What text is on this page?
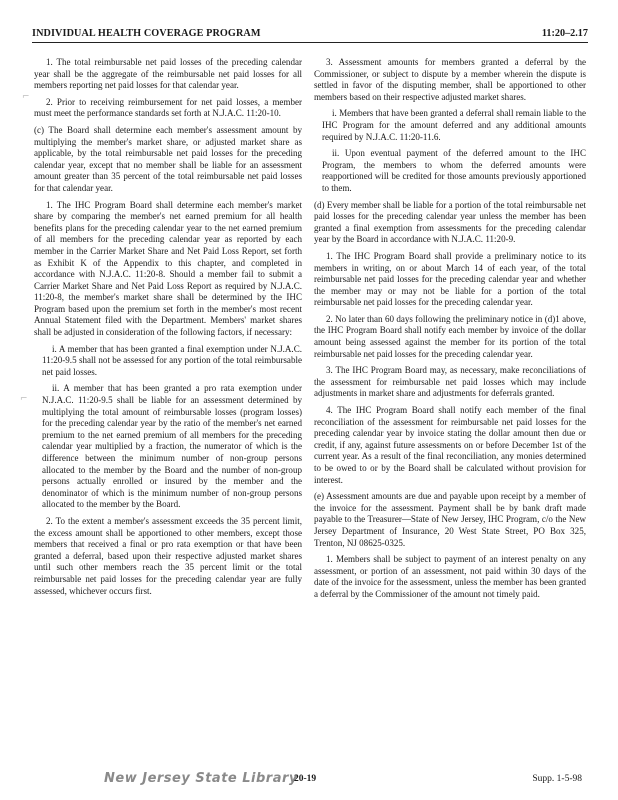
INDIVIDUAL HEALTH COVERAGE PROGRAM	11:20–2.17
⌐
⌐

1. The total reimbursable net paid losses of the preceding calendar year shall be the aggregate of the reimbursable net paid losses for all members reporting net paid losses for that calendar year.

2. Prior to receiving reimbursement for net paid losses, a member must meet the performance standards set forth at N.J.A.C. 11:20-10.

(c) The Board shall determine each member's assessment amount by multiplying the member's market share, or adjusted market share as applicable, by the total reimbursable net paid losses for the preceding calendar year, except that no member shall be liable for an assessment amount greater than 35 percent of the total reimbursable net paid losses for that calendar year.

1. The IHC Program Board shall determine each member's market share by comparing the member's net earned premium for all health benefits plans for the preceding calendar year to the net earned premium of all members for the preceding calendar year as reported by each member in the Carrier Market Share and Net Paid Loss Report, set forth as Exhibit K of the Appendix to this chapter, and completed in accordance with N.J.A.C. 11:20-8. Should a member fail to submit a Carrier Market Share and Net Paid Loss Report as required by N.J.A.C. 11:20-8, the member's market share shall be determined by the IHC Program based upon the premium set forth in the member's most recent Annual Statement filed with the Department. Members' market shares shall be adjusted in consideration of the following factors, if necessary:

i. A member that has been granted a final exemption under N.J.A.C. 11:20-9.5 shall not be assessed for any portion of the total reimbursable net paid losses.

ii. A member that has been granted a pro rata exemption under N.J.A.C. 11:20-9.5 shall be liable for an assessment determined by multiplying the total amount of reimbursable losses (program losses) for the preceding calendar year by the ratio of the member's net earned premium to the net earned premium of all members for the preceding calendar year multiplied by a fraction, the numerator of which is the difference between the minimum number of non-group persons allocated to the member by the Board and the number of non-group persons actually enrolled or insured by the member and the denominator of which is the minimum number of non-group persons allocated to the member by the Board.

2. To the extent a member's assessment exceeds the 35 percent limit, the excess amount shall be apportioned to other members, except those members that received a final or pro rata exemption or that have been granted a deferral, based upon their respective adjusted market shares until such other members reach the 35 percent limit or the total reimbursable net paid losses for the preceding calendar year are fully assessed, whichever occurs first.

3. Assessment amounts for members granted a deferral by the Commissioner, or subject to dispute by a member wherein the dispute is settled in favor of the disputing member, shall be apportioned to other members based on their respective adjusted market shares.

i. Members that have been granted a deferral shall remain liable to the IHC Program for the amount deferred and any additional amounts required by N.J.A.C. 11:20-11.6.

ii. Upon eventual payment of the deferred amount to the IHC Program, the members to whom the deferred amounts were reapportioned will be credited for those amounts previously apportioned to them.

(d) Every member shall be liable for a portion of the total reimbursable net paid losses for the preceding calendar year unless the member has been granted a final exemption from assessments for the preceding calendar year by the Board in accordance with N.J.A.C. 11:20-9.

1. The IHC Program Board shall provide a preliminary notice to its members in writing, on or about March 14 of each year, of the total reimbursable net paid losses for the preceding calendar year and whether the member may or may not be liable for a portion of the total reimbursable net paid losses for the preceding calendar year.

2. No later than 60 days following the preliminary notice in (d)1 above, the IHC Program Board shall notify each member by invoice of the dollar amount being assessed against the member for its portion of the total reimbursable net paid losses for the preceding calendar year.

3. The IHC Program Board may, as necessary, make reconciliations of the assessment for reimbursable net paid losses which may include adjustments in market share and adjustments for deferrals granted.

4. The IHC Program Board shall notify each member of the final reconciliation of the assessment for reimbursable net paid losses for the preceding calendar year by invoice stating the dollar amount then due or credit, if any, against future assessments on or before December 1st of the current year. As a result of the final reconciliation, any monies determined to be owed to or by the Board shall be calculated without provision for interest.

(e) Assessment amounts are due and payable upon receipt by a member of the invoice for the assessment. Payment shall be by bank draft made payable to the Treasurer—State of New Jersey, IHC Program, c/o the New Jersey Department of Insurance, 20 West State Street, PO Box 325, Trenton, NJ 08625-0325.

1. Members shall be subject to payment of an interest penalty on any assessment, or portion of an assessment, not paid within 30 days of the date of the invoice for the assessment, unless the member has been granted a deferral by the Commissioner of the amount not timely paid.

New Jersey State Library
20-19	Supp. 1-5-98
